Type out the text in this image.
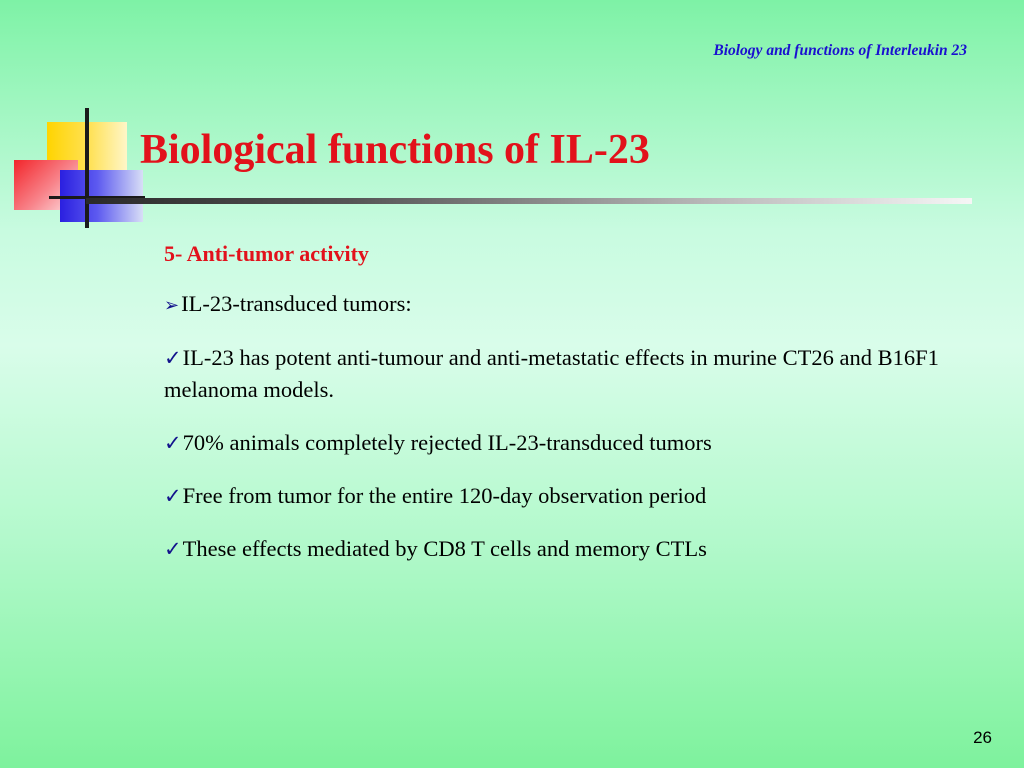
Biology and functions of Interleukin 23
Biological functions of IL-23
5- Anti-tumor activity
➢IL-23-transduced tumors:
✓IL-23 has potent anti-tumour and anti-metastatic effects in murine CT26 and B16F1 melanoma models.
✓70% animals completely rejected IL-23-transduced tumors
✓Free from tumor for the entire 120-day observation period
✓These effects mediated by CD8 T cells and memory CTLs
26
